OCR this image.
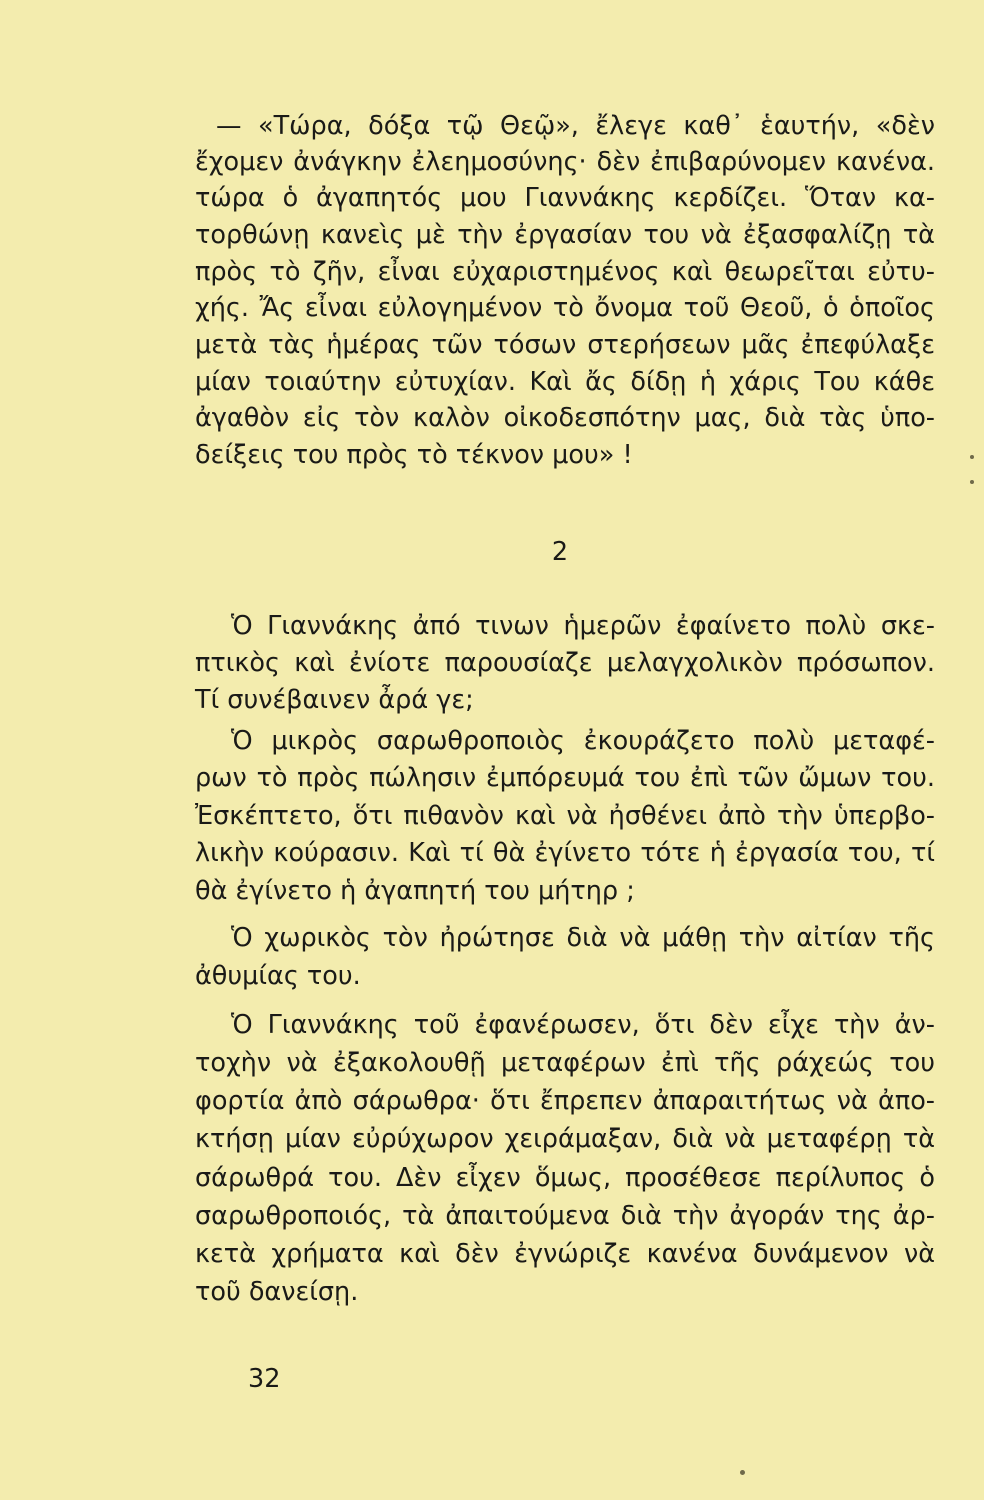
— «Τώρα, δόξα τῷ Θεῷ», ἔλεγε καθ᾽ ἑαυτήν, «δὲν
ἔχομεν ἀνάγκην ἐλεημοσύνης· δὲν ἐπιβαρύνομεν κανένα.
τώρα ὁ ἀγαπητός μου Γιαννάκης κερδίζει. Ὅταν κα-
τορθώνῃ κανεὶς μὲ τὴν ἐργασίαν του νὰ ἐξασφαλίζῃ τὰ
πρὸς τὸ ζῆν, εἶναι εὐχαριστημένος καὶ θεωρεῖται εὐτυ-
χής. Ἄς εἶναι εὐλογημένον τὸ ὄνομα τοῦ Θεοῦ, ὁ ὁποῖος
μετὰ τὰς ἡμέρας τῶν τόσων στερήσεων μᾶς ἐπεφύλαξε
μίαν τοιαύτην εὐτυχίαν. Καὶ ἄς δίδῃ ἡ χάρις Του κάθε
ἀγαθὸν εἰς τὸν καλὸν οἰκοδεσπότην μας, διὰ τὰς ὑπο-
δείξεις του πρὸς τὸ τέκνον μου» !
2
Ὁ Γιαννάκης ἀπό τινων ἡμερῶν ἐφαίνετο πολὺ σκε-
πτικὸς καὶ ἐνίοτε παρουσίαζε μελαγχολικὸν πρόσωπον.
Τί συνέβαινεν ἆρά γε;
Ὁ μικρὸς σαρωθροποιὸς ἐκουράζετο πολὺ μεταφέ-
ρων τὸ πρὸς πώλησιν ἐμπόρευμά του ἐπὶ τῶν ὤμων του.
Ἐσκέπτετο, ὅτι πιθανὸν καὶ νὰ ἠσθένει ἀπὸ τὴν ὑπερβο-
λικὴν κούρασιν. Καὶ τί θὰ ἐγίνετο τότε ἡ ἐργασία του, τί
θὰ ἐγίνετο ἡ ἀγαπητή του μήτηρ ;
Ὁ χωρικὸς τὸν ἠρώτησε διὰ νὰ μάθῃ τὴν αἰτίαν τῆς
ἀθυμίας του.
Ὁ Γιαννάκης τοῦ ἐφανέρωσεν, ὅτι δὲν εἶχε τὴν ἀν-
τοχὴν νὰ ἐξακολουθῇ μεταφέρων ἐπὶ τῆς ράχεώς του
φορτία ἀπὸ σάρωθρα· ὅτι ἔπρεπεν ἀπαραιτήτως νὰ ἀπο-
κτήσῃ μίαν εὐρύχωρον χειράμαξαν, διὰ νὰ μεταφέρῃ τὰ
σάρωθρά του. Δὲν εἶχεν ὅμως, προσέθεσε περίλυπος ὁ
σαρωθροποιός, τὰ ἀπαιτούμενα διὰ τὴν ἀγοράν της ἀρ-
κετὰ χρήματα καὶ δὲν ἐγνώριζε κανένα δυνάμενον νὰ
τοῦ δανείσῃ.
32
